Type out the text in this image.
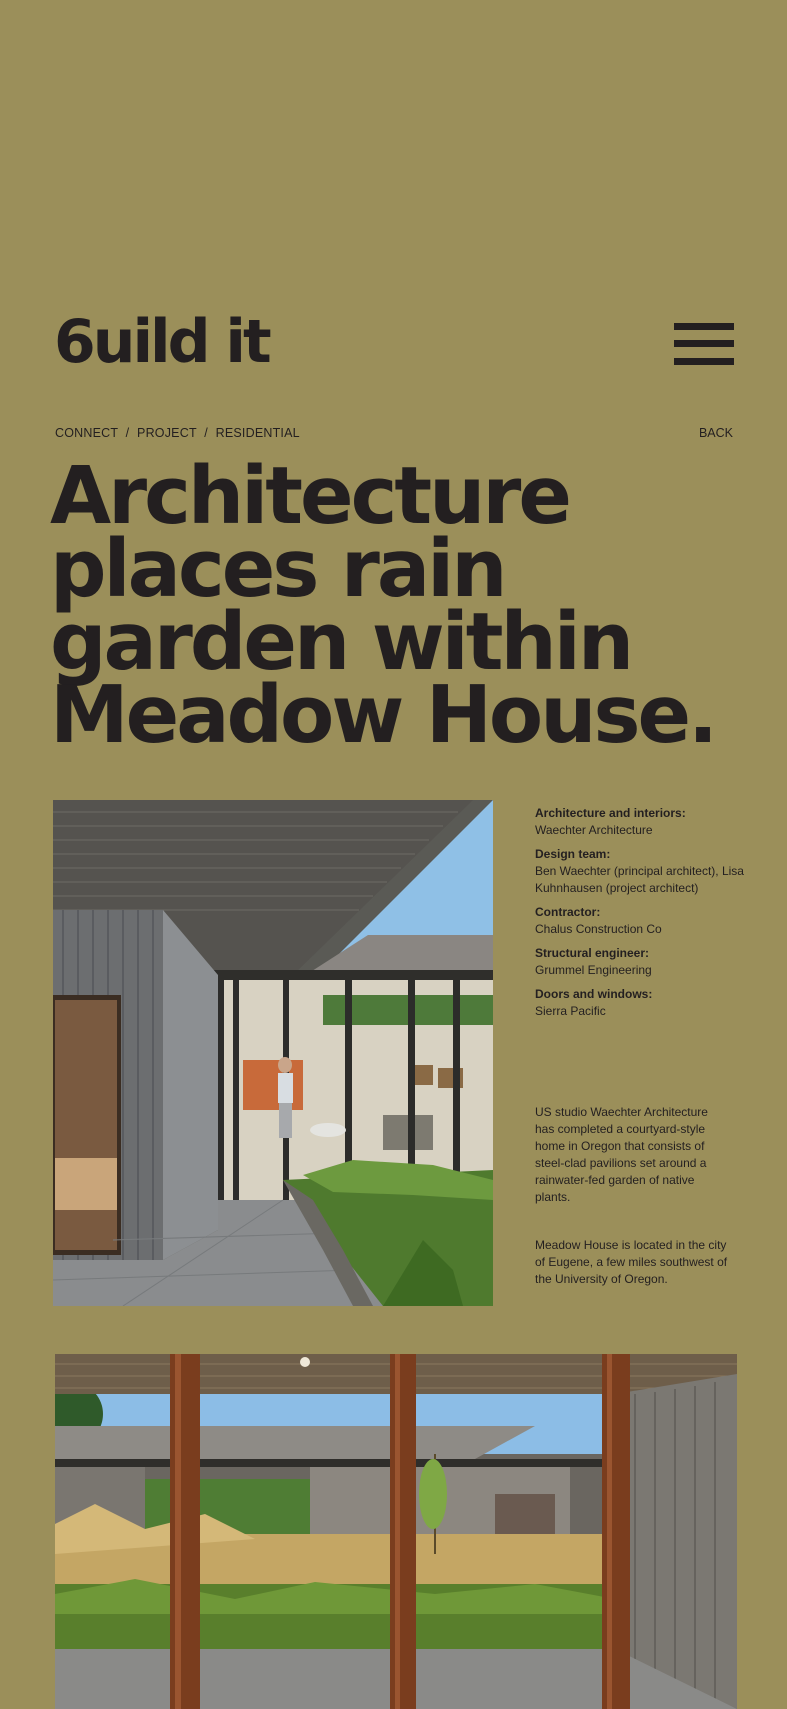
6uild it
CONNECT / PROJECT / RESIDENTIAL	BACK
Architecture places rain garden within Meadow House.
Architecture and interiors:
Waechter Architecture
Design team:
Ben Waechter (principal architect), Lisa Kuhnhausen (project architect)
Contractor:
Chalus Construction Co
Structural engineer:
Grummel Engineering
Doors and windows:
Sierra Pacific

US studio Waechter Architecture has completed a courtyard-style home in Oregon that consists of steel-clad pavilions set around a rainwater-fed garden of native plants.

Meadow House is located in the city of Eugene, a few miles southwest of the University of Oregon.
